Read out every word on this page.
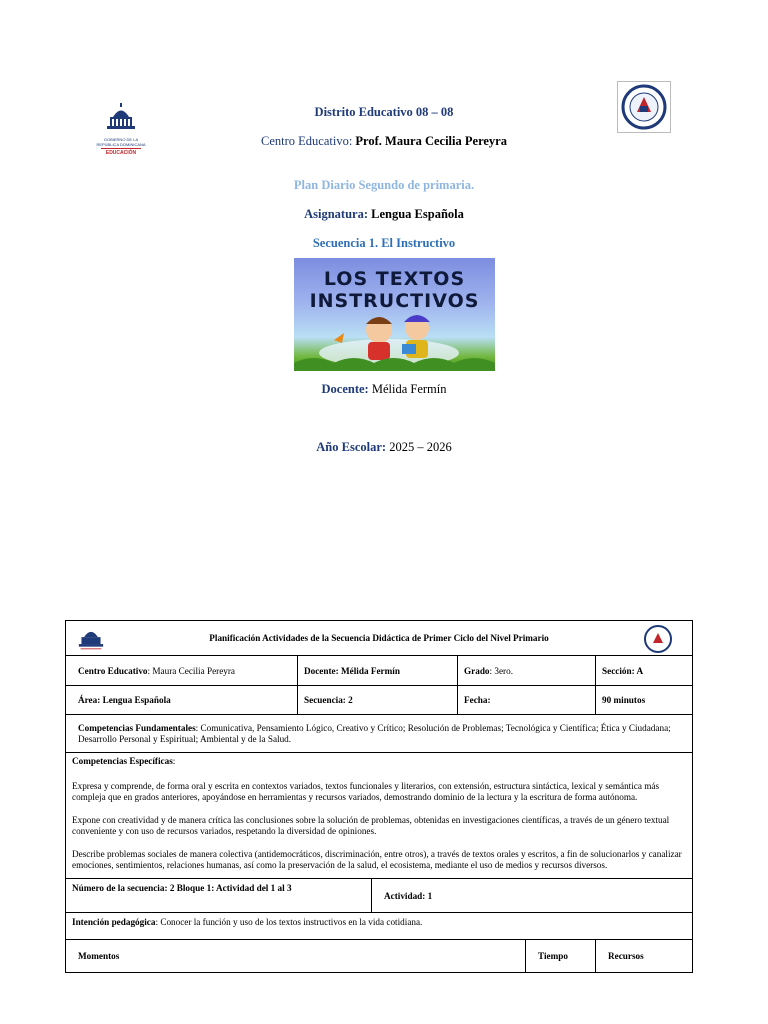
GOBIERNO DE LA
REPÚBLICA DOMINICANA
EDUCACIÓN
Distrito Educativo 08 – 08
Centro Educativo: Prof. Maura Cecilia Pereyra
Plan Diario Segundo de primaria.
Asignatura: Lengua Española
Secuencia 1. El Instructivo
LOS TEXTOS
INSTRUCTIVOS
Docente: Mélida Fermín
Año Escolar: 2025 – 2026
Planificación Actividades de la Secuencia Didáctica de Primer Ciclo del Nivel Primario					

Centro Educativo: Maura Cecilia Pereyra	Docente: Mélida Fermín		Grado: 3ero.		Sección: A
Área: Lengua Española	Secuencia: 2		Fecha:		90 minutos

Competencias Fundamentales: Comunicativa, Pensamiento Lógico, Creativo y Crítico; Resolución de Problemas; Tecnológica y Científica; Ética y Ciudadana; Desarrollo Personal y Espiritual; Ambiental y de la Salud.					

Competencias Específicas:

Expresa y comprende, de forma oral y escrita en contextos variados, textos funcionales y literarios, con extensión, estructura sintáctica, lexical y semántica más compleja que en grados anteriores, apoyándose en herramientas y recursos variados, demostrando dominio de la lectura y la escritura de forma autónoma.

Expone con creatividad y de manera crítica las conclusiones sobre la solución de problemas, obtenidas en investigaciones científicas, a través de un género textual conveniente y con uso de recursos variados, respetando la diversidad de opiniones.

Describe problemas sociales de manera colectiva (antidemocráticos, discriminación, entre otros), a través de textos orales y escritos, a fin de solucionarlos y canalizar emociones, sentimientos, relaciones humanas, así como la preservación de la salud, el ecosistema, mediante el uso de medios y recursos diversos.					

Número de la secuencia: 2 Bloque 1: Actividad del 1 al 3		Actividad: 1			
Intención pedagógica: Conocer la función y uso de los textos instructivos en la vida cotidiana.					
Momentos				Tiempo	Recursos
